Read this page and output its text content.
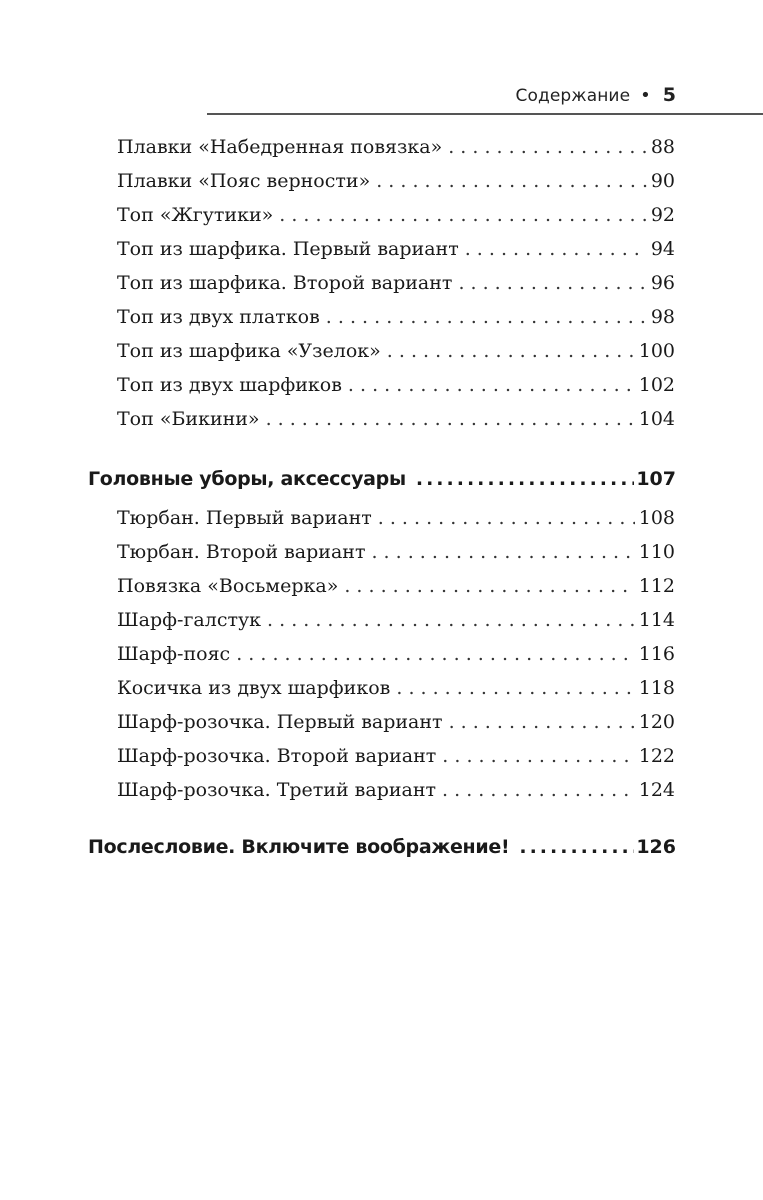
Содержание • 5
Плавки «Набедренная повязка» . . .	88
Плавки «Пояс верности» . . .	90
Топ «Жгутики» . . .	92
Топ из шарфика. Первый вариант . . .	94
Топ из шарфика. Второй вариант . . .	96
Топ из двух платков . . .	98
Топ из шарфика «Узелок» . . .	100
Топ из двух шарфиков . . .	102
Топ «Бикини» . . .	104
Головные уборы, аксессуары .....	107
Тюрбан. Первый вариант . . .	108
Тюрбан. Второй вариант . . .	110
Повязка «Восьмерка» . . .	112
Шарф-галстук . . .	114
Шарф-пояс . . .	116
Косичка из двух шарфиков . . .	118
Шарф-розочка. Первый вариант . . .	120
Шарф-розочка. Второй вариант . . .	122
Шарф-розочка. Третий вариант . . .	124
Послесловие. Включите воображение! .....	126
